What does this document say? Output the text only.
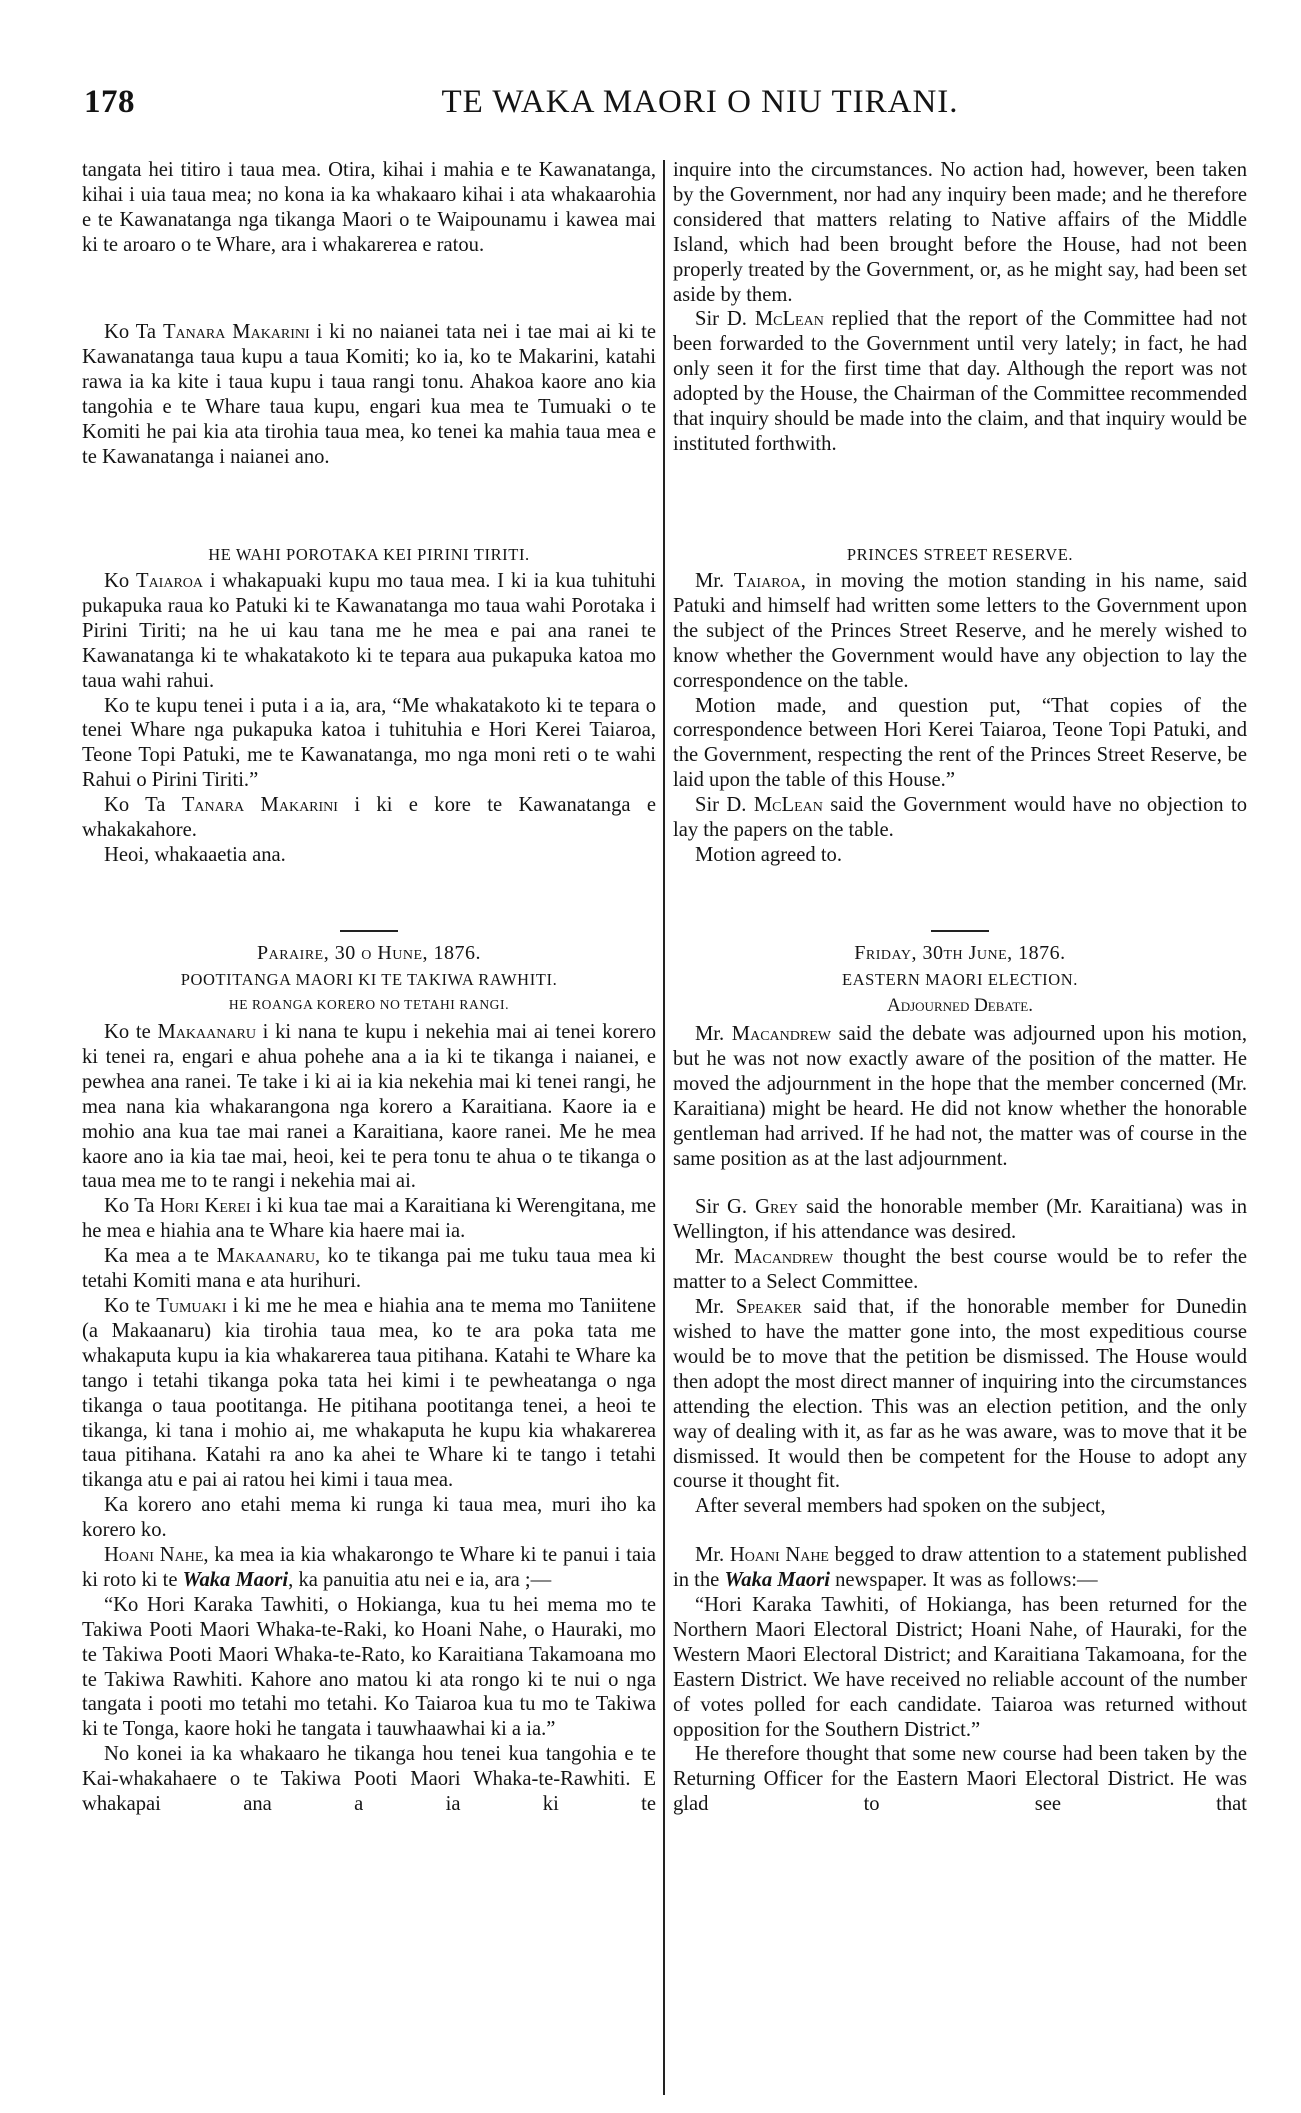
178	TE WAKA MAORI O NIU TIRANI.

tangata hei titiro i taua mea. Otira, kihai i mahia e te Kawanatanga, kihai i uia taua mea; no kona ia ka whakaaro kihai i ata whakaarohia e te Kawanatanga nga tikanga Maori o te Waipounamu i kawea mai ki te aroaro o te Whare, ara i whakarerea e ratou.

Ko Ta Tanara Makarini i ki no naianei tata nei i tae mai ai ki te Kawanatanga taua kupu a taua Komiti; ko ia, ko te Makarini, katahi rawa ia ka kite i taua kupu i taua rangi tonu. Ahakoa kaore ano kia tangohia e te Whare taua kupu, engari kua mea te Tumuaki o te Komiti he pai kia ata tirohia taua mea, ko tenei ka mahia taua mea e te Kawanatanga i naianei ano.

HE WAHI POROTAKA KEI PIRINI TIRITI.

Ko Taiaroa i whakapuaki kupu mo taua mea. I ki ia kua tuhituhi pukapuka raua ko Patuki ki te Kawanatanga mo taua wahi Porotaka i Pirini Tiriti; na he ui kau tana me he mea e pai ana ranei te Kawanatanga ki te whakatakoto ki te tepara aua pukapuka katoa mo taua wahi rahui.

Ko te kupu tenei i puta i a ia, ara, “Me whakatakoto ki te tepara o tenei Whare nga pukapuka katoa i tuhituhia e Hori Kerei Taiaroa, Teone Topi Patuki, me te Kawanatanga, mo nga moni reti o te wahi Rahui o Pirini Tiriti.”

Ko Ta Tanara Makarini i ki e kore te Kawanatanga e whakakahore.

Heoi, whakaaetia ana.

Paraire, 30 o Hune, 1876.
POOTITANGA MAORI KI TE TAKIWA RAWHITI.
HE ROANGA KORERO NO TETAHI RANGI.

Ko te Makaanaru i ki nana te kupu i nekehia mai ai tenei korero ki tenei ra, engari e ahua pohehe ana a ia ki te tikanga i naianei, e pewhea ana ranei. Te take i ki ai ia kia nekehia mai ki tenei rangi, he mea nana kia whakarangona nga korero a Karaitiana. Kaore ia e mohio ana kua tae mai ranei a Karaitiana, kaore ranei. Me he mea kaore ano ia kia tae mai, heoi, kei te pera tonu te ahua o te tikanga o taua mea me to te rangi i nekehia mai ai.

Ko Ta Hori Kerei i ki kua tae mai a Karaitiana ki Werengitana, me he mea e hiahia ana te Whare kia haere mai ia.

Ka mea a te Makaanaru, ko te tikanga pai me tuku taua mea ki tetahi Komiti mana e ata hurihuri.

Ko te Tumuaki i ki me he mea e hiahia ana te mema mo Taniitene (a Makaanaru) kia tirohia taua mea, ko te ara poka tata me whakaputa kupu ia kia whakarerea taua pitihana. Katahi te Whare ka tango i tetahi tikanga poka tata hei kimi i te pewheatanga o nga tikanga o taua pootitanga. He pitihana pootitanga tenei, a heoi te tikanga, ki tana i mohio ai, me whakaputa he kupu kia whakarerea taua pitihana. Katahi ra ano ka ahei te Whare ki te tango i tetahi tikanga atu e pai ai ratou hei kimi i taua mea.

Ka korero ano etahi mema ki runga ki taua mea, muri iho ka korero ko.

Hoani Nahe, ka mea ia kia whakarongo te Whare ki te panui i taia ki roto ki te Waka Maori, ka panuitia atu nei e ia, ara ;—

“Ko Hori Karaka Tawhiti, o Hokianga, kua tu hei mema mo te Takiwa Pooti Maori Whaka-te-Raki, ko Hoani Nahe, o Hauraki, mo te Takiwa Pooti Maori Whaka-te-Rato, ko Karaitiana Takamoana mo te Takiwa Rawhiti. Kahore ano matou ki ata rongo ki te nui o nga tangata i pooti mo tetahi mo tetahi. Ko Taiaroa kua tu mo te Takiwa ki te Tonga, kaore hoki he tangata i tauwhaawhai ki a ia.”

No konei ia ka whakaaro he tikanga hou tenei kua tangohia e te Kai-whakahaere o te Takiwa Pooti Maori Whaka-te-Rawhiti. E whakapai ana a ia ki te

inquire into the circumstances. No action had, however, been taken by the Government, nor had any inquiry been made; and he therefore considered that matters relating to Native affairs of the Middle Island, which had been brought before the House, had not been properly treated by the Government, or, as he might say, had been set aside by them.

Sir D. McLean replied that the report of the Committee had not been forwarded to the Government until very lately; in fact, he had only seen it for the first time that day. Although the report was not adopted by the House, the Chairman of the Committee recommended that inquiry should be made into the claim, and that inquiry would be instituted forthwith.

PRINCES STREET RESERVE.

Mr. Taiaroa, in moving the motion standing in his name, said Patuki and himself had written some letters to the Government upon the subject of the Princes Street Reserve, and he merely wished to know whether the Government would have any objection to lay the correspondence on the table.

Motion made, and question put, “That copies of the correspondence between Hori Kerei Taiaroa, Teone Topi Patuki, and the Government, respecting the rent of the Princes Street Reserve, be laid upon the table of this House.”

Sir D. McLean said the Government would have no objection to lay the papers on the table.

Motion agreed to.

Friday, 30th June, 1876.
EASTERN MAORI ELECTION.
Adjourned Debate.

Mr. Macandrew said the debate was adjourned upon his motion, but he was not now exactly aware of the position of the matter. He moved the adjournment in the hope that the member concerned (Mr. Karaitiana) might be heard. He did not know whether the honorable gentleman had arrived. If he had not, the matter was of course in the same position as at the last adjournment.

Sir G. Grey said the honorable member (Mr. Karaitiana) was in Wellington, if his attendance was desired.

Mr. Macandrew thought the best course would be to refer the matter to a Select Committee.

Mr. Speaker said that, if the honorable member for Dunedin wished to have the matter gone into, the most expeditious course would be to move that the petition be dismissed. The House would then adopt the most direct manner of inquiring into the circumstances attending the election. This was an election petition, and the only way of dealing with it, as far as he was aware, was to move that it be dismissed. It would then be competent for the House to adopt any course it thought fit.

After several members had spoken on the subject,

Mr. Hoani Nahe begged to draw attention to a statement published in the Waka Maori newspaper. It was as follows:—

“Hori Karaka Tawhiti, of Hokianga, has been returned for the Northern Maori Electoral District; Hoani Nahe, of Hauraki, for the Western Maori Electoral District; and Karaitiana Takamoana, for the Eastern District. We have received no reliable account of the number of votes polled for each candidate. Taiaroa was returned without opposition for the Southern District.”

He therefore thought that some new course had been taken by the Returning Officer for the Eastern Maori Electoral District. He was glad to see that
